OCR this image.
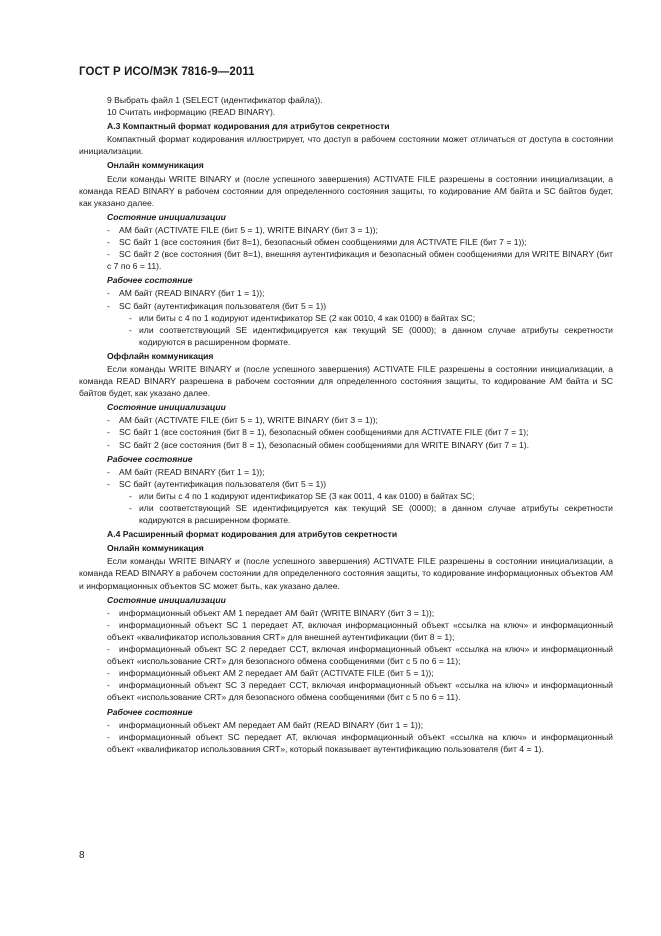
ГОСТ Р ИСО/МЭК 7816-9—2011

9 Выбрать файл 1 (SELECT (идентификатор файла)).

10 Считать информацию (READ BINARY).

А.3 Компактный формат кодирования для атрибутов секретности

Компактный формат кодирования иллюстрирует, что доступ в рабочем состоянии может отличаться от доступа в состоянии инициализации.

Онлайн коммуникация

Если команды WRITE BINARY и (после успешного завершения) ACTIVATE FILE разрешены в состоянии инициализации, а команда READ BINARY в рабочем состоянии для определенного состояния защиты, то кодирование AM байта и SC байтов будет, как указано далее.

Состояние инициализации

- AM байт (ACTIVATE FILE (бит 5 = 1), WRITE BINARY (бит 3 = 1));

- SC байт 1 (все состояния (бит 8=1), безопасный обмен сообщениями для ACTIVATE FILE (бит 7 = 1));

- SC байт 2 (все состояния (бит 8=1), внешняя аутентификация и безопасный обмен сообщениями для WRITE BINARY (бит с 7 по 6 = 11).

Рабочее состояние

- AM байт (READ BINARY (бит 1 = 1));

- SC байт (аутентификация пользователя (бит 5 = 1))

- или биты с 4 по 1 кодируют идентификатор SE (2 как 0010, 4 как 0100) в байтах SC;

- или соответствующий SE идентифицируется как текущий SE (0000); в данном случае атрибуты секретности кодируются в расширенном формате.

Оффлайн коммуникация

Если команды WRITE BINARY и (после успешного завершения) ACTIVATE FILE разрешены в состоянии инициализации, а команда READ BINARY разрешена в рабочем состоянии для определенного состояния защиты, то кодирование AM байта и SC байтов будет, как указано далее.

Состояние инициализации

- AM байт (ACTIVATE FILE (бит 5 = 1), WRITE BINARY (бит 3 = 1));

- SC байт 1 (все состояния (бит 8 = 1), безопасный обмен сообщениями для ACTIVATE FILE (бит 7 = 1);

- SC байт 2 (все состояния (бит 8 = 1), безопасный обмен сообщениями для WRITE BINARY (бит 7 = 1).

Рабочее состояние

- AM байт (READ BINARY (бит 1 = 1));

- SC байт (аутентификация пользователя (бит 5 = 1))

- или биты с 4 по 1 кодируют идентификатор SE (3 как 0011, 4 как 0100) в байтах SC;

- или соответствующий SE идентифицируется как текущий SE (0000); в данном случае атрибуты секретности кодируются в расширенном формате.

А.4 Расширенный формат кодирования для атрибутов секретности

Онлайн коммуникация

Если команды WRITE BINARY и (после успешного завершения) ACTIVATE FILE разрешены в состоянии инициализации, а команда READ BINARY в рабочем состоянии для определенного состояния защиты, то кодирование информационных объектов AM и информационных объектов SC может быть, как указано далее.

Состояние инициализации

- информационный объект AM 1 передает AM байт (WRITE BINARY (бит 3 = 1));

- информационный объект SC 1 передает AT, включая информационный объект «ссылка на ключ» и информационный объект «квалификатор использования CRT» для внешней аутентификации (бит 8 = 1);

- информационный объект SC 2 передает CCT, включая информационный объект «ссылка на ключ» и информационный объект «использование CRT» для безопасного обмена сообщениями (бит с 5 по 6 = 11);

- информационный объект AM 2 передает AM байт (ACTIVATE FILE (бит 5 = 1));

- информационный объект SC 3 передает CCT, включая информационный объект «ссылка на ключ» и информационный объект «использование CRT» для безопасного обмена сообщениями (бит с 5 по 6 = 11).

Рабочее состояние

- информационный объект AM передает AM байт (READ BINARY (бит 1 = 1));

- информационный объект SC передает AT, включая информационный объект «ссылка на ключ» и информационный объект «квалификатор использования CRT», который показывает аутентификацию пользователя (бит 4 = 1).

8
